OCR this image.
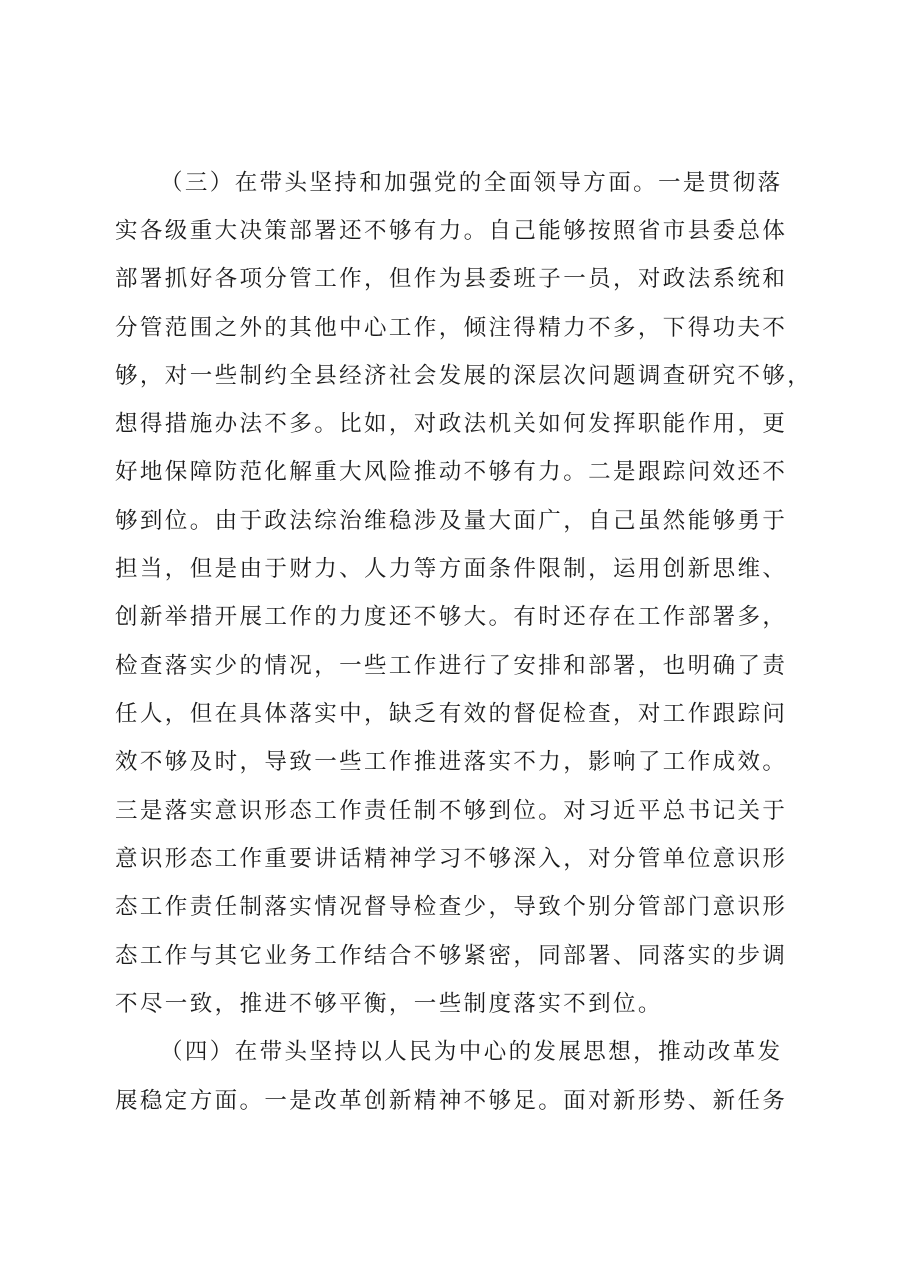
（三）在带头坚持和加强党的全面领导方面。一是贯彻落
实各级重大决策部署还不够有力。自己能够按照省市县委总体
部署抓好各项分管工作，但作为县委班子一员，对政法系统和
分管范围之外的其他中心工作，倾注得精力不多，下得功夫不
够，对一些制约全县经济社会发展的深层次问题调查研究不够，
想得措施办法不多。比如，对政法机关如何发挥职能作用，更
好地保障防范化解重大风险推动不够有力。二是跟踪问效还不
够到位。由于政法综治维稳涉及量大面广，自己虽然能够勇于
担当，但是由于财力、人力等方面条件限制，运用创新思维、
创新举措开展工作的力度还不够大。有时还存在工作部署多，
检查落实少的情况，一些工作进行了安排和部署，也明确了责
任人，但在具体落实中，缺乏有效的督促检查，对工作跟踪问
效不够及时，导致一些工作推进落实不力，影响了工作成效。
三是落实意识形态工作责任制不够到位。对习近平总书记关于
意识形态工作重要讲话精神学习不够深入，对分管单位意识形
态工作责任制落实情况督导检查少，导致个别分管部门意识形
态工作与其它业务工作结合不够紧密，同部署、同落实的步调
不尽一致，推进不够平衡，一些制度落实不到位。
（四）在带头坚持以人民为中心的发展思想，推动改革发
展稳定方面。一是改革创新精神不够足。面对新形势、新任务
